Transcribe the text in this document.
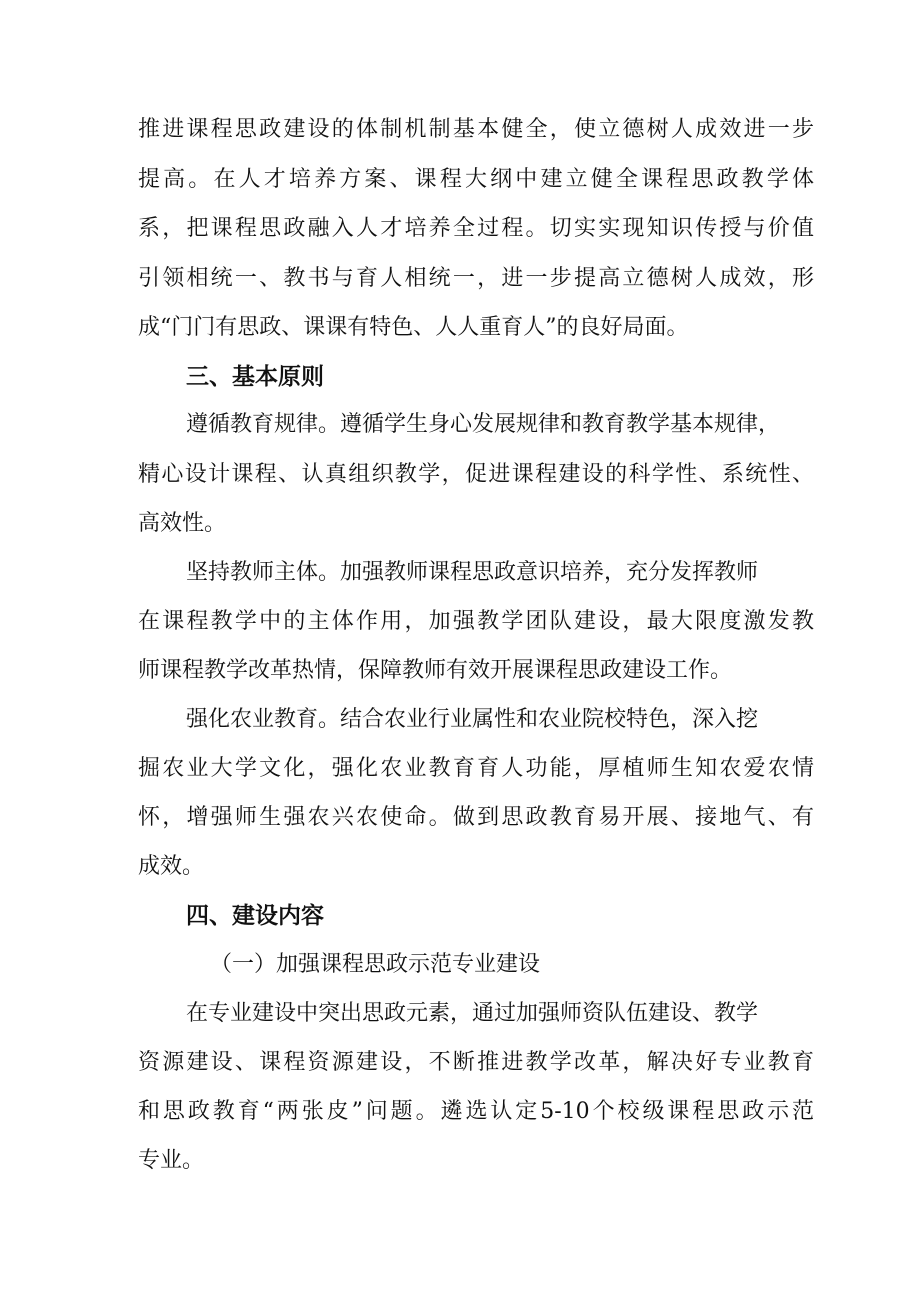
推进课程思政建设的体制机制基本健全，使立德树人成效进一步
提高。在人才培养方案、课程大纲中建立健全课程思政教学体
系，把课程思政融入人才培养全过程。切实实现知识传授与价值
引领相统一、教书与育人相统一，进一步提高立德树人成效，形
成“门门有思政、课课有特色、人人重育人”的良好局面。
三、基本原则
遵循教育规律。遵循学生身心发展规律和教育教学基本规律，
精心设计课程、认真组织教学，促进课程建设的科学性、系统性、
高效性。
坚持教师主体。加强教师课程思政意识培养，充分发挥教师
在课程教学中的主体作用，加强教学团队建设，最大限度激发教
师课程教学改革热情，保障教师有效开展课程思政建设工作。
强化农业教育。结合农业行业属性和农业院校特色，深入挖
掘农业大学文化，强化农业教育育人功能，厚植师生知农爱农情
怀，增强师生强农兴农使命。做到思政教育易开展、接地气、有
成效。
四、建设内容
（一）加强课程思政示范专业建设
在专业建设中突出思政元素，通过加强师资队伍建设、教学
资源建设、课程资源建设，不断推进教学改革，解决好专业教育
和思政教育“两张皮”问题。遴选认定5-10个校级课程思政示范
专业。
